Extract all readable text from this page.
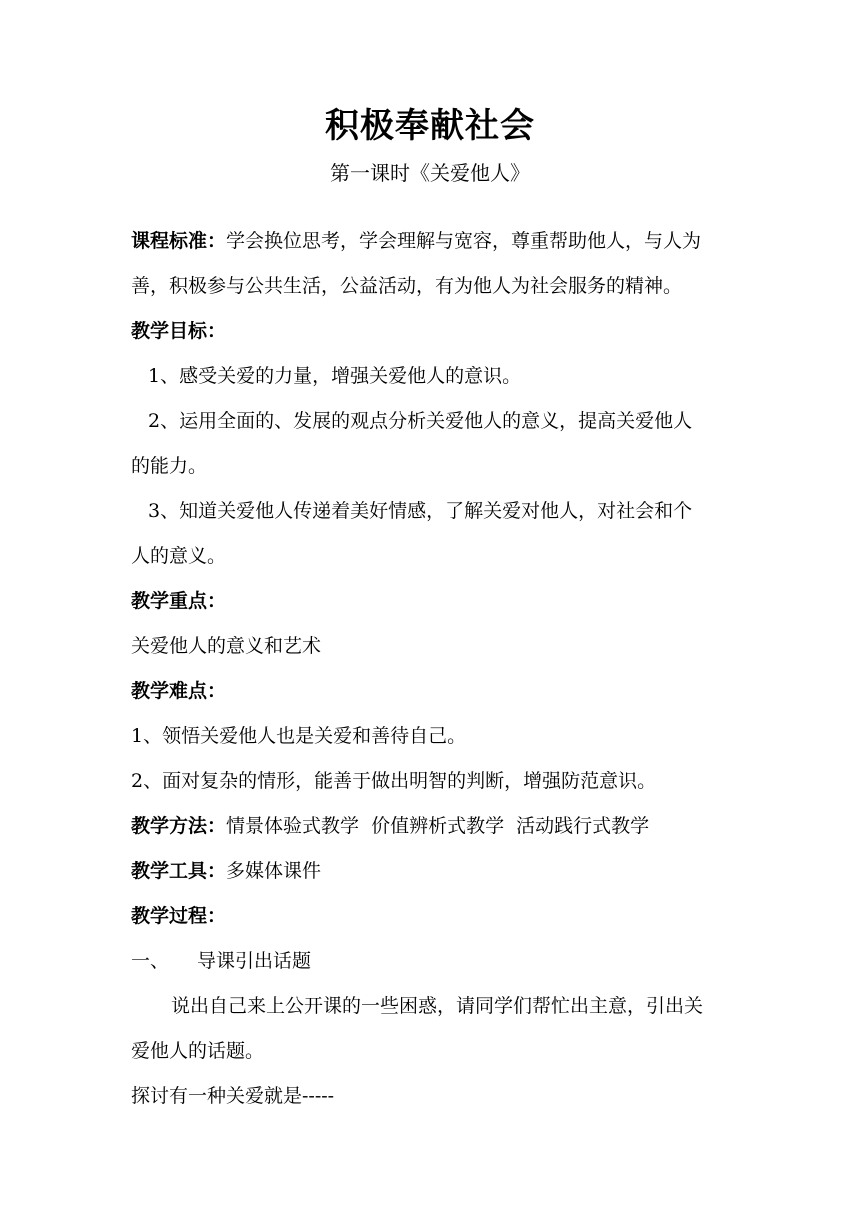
积极奉献社会
第一课时《关爱他人》
课程标准：学会换位思考，学会理解与宽容，尊重帮助他人，与人为
善，积极参与公共生活，公益活动，有为他人为社会服务的精神。
教学目标：
1、感受关爱的力量，增强关爱他人的意识。
2、运用全面的、发展的观点分析关爱他人的意义，提高关爱他人
的能力。
3、知道关爱他人传递着美好情感，了解关爱对他人，对社会和个
人的意义。
教学重点：
关爱他人的意义和艺术
教学难点：
1、领悟关爱他人也是关爱和善待自己。
2、面对复杂的情形，能善于做出明智的判断，增强防范意识。
教学方法：情景体验式教学  价值辨析式教学  活动践行式教学
教学工具：多媒体课件
教学过程：
一、 导课引出话题
说出自己来上公开课的一些困惑，请同学们帮忙出主意，引出关
爱他人的话题。
探讨有一种关爱就是-----
